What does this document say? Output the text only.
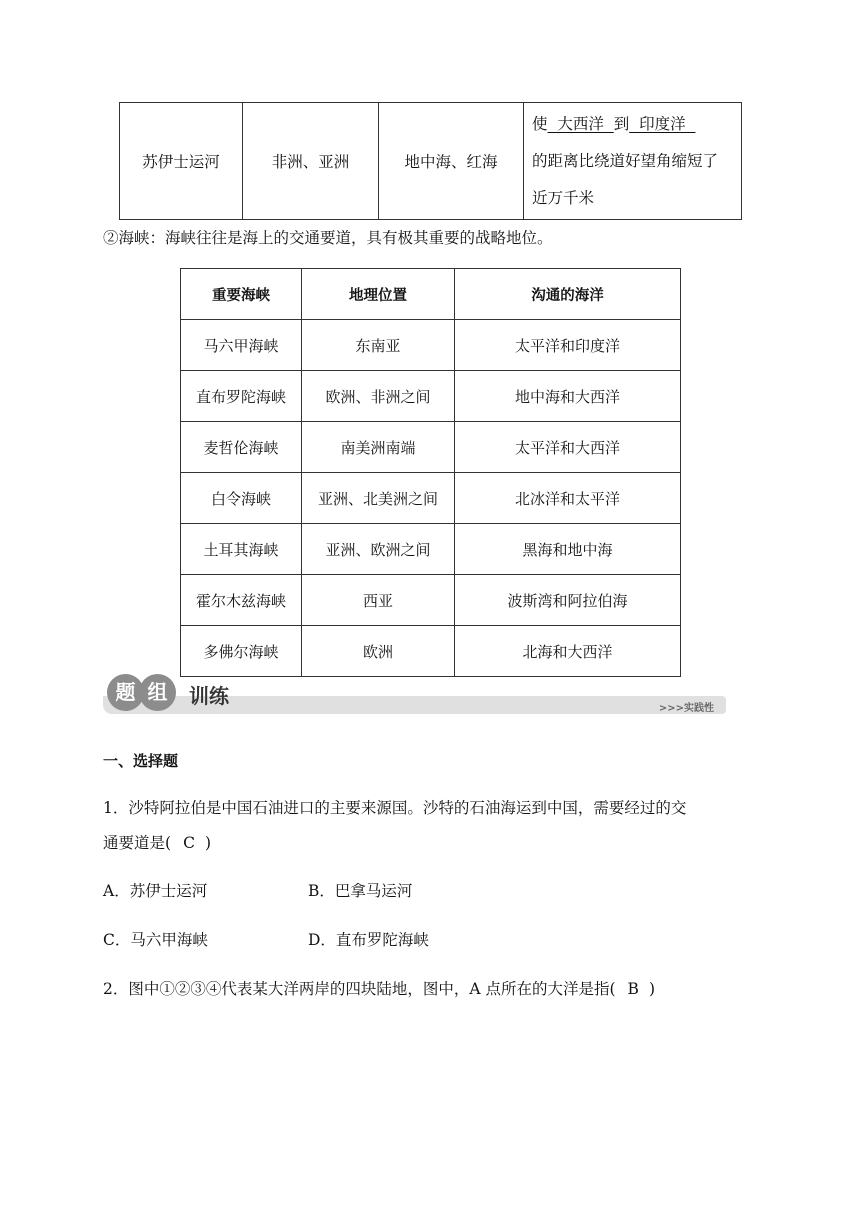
苏伊士运河	非洲、亚洲	地中海、红海	
使  大西洋  到  印度洋
的距离比绕道好望角缩短了
近万千米
②海峡：海峡往往是海上的交通要道，具有极其重要的战略地位。
重要海峡	地理位置	沟通的海洋
马六甲海峡	东南亚	太平洋和印度洋
直布罗陀海峡	欧洲、非洲之间	地中海和大西洋
麦哲伦海峡	南美洲南端	太平洋和大西洋
白令海峡	亚洲、北美洲之间	北冰洋和太平洋
土耳其海峡	亚洲、欧洲之间	黑海和地中海
霍尔木兹海峡	西亚	波斯湾和阿拉伯海
多佛尔海峡	欧洲	北海和大西洋
题 组	训练
>>>实践性
一、选择题
1．沙特阿拉伯是中国石油进口的主要来源国。沙特的石油海运到中国，需要经过的交
通要道是( C )
A．苏伊士运河	B．巴拿马运河
C．马六甲海峡	D．直布罗陀海峡
2．图中①②③④代表某大洋两岸的四块陆地，图中，A 点所在的大洋是指( B )
